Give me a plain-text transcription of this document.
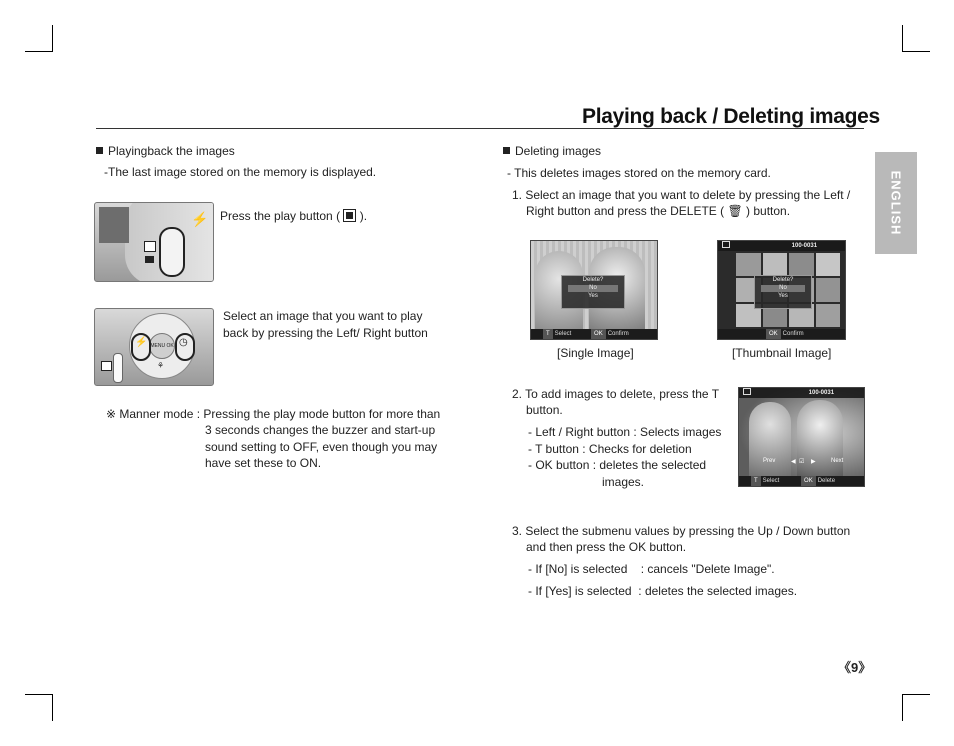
Playing back / Deleting images
ENGLISH
Playingback the images
-The last image stored on the memory is displayed.
⚡ Press the play button ( ).
MENU OK
⚡	◷
⚘
Select an image that you want to play
back by pressing the Left/ Right button
※ Manner mode : Pressing the play mode button for more than
3 seconds changes the buzzer and start-up
sound setting to OFF, even though you may
have set these to ON.
Deleting images
- This deletes images stored on the memory card.
1. Select an image that you want to delete by pressing the Left /
Right button and press the DELETE ( 🗑︎ ) button.
Delete?
No
Yes
T Select	OK Confirm
100-0031
Delete?
No
Yes
OK Confirm
[Single Image]	[Thumbnail Image]
2. To add images to delete, press the T
button.
- Left / Right button : Selects images
- T button : Checks for deletion
- OK button : deletes the selected
images.
100-0031
Prev	◀ ☑ ▶	Next
T Select	OK Delete
3. Select the submenu values by pressing the Up / Down button
and then press the OK button.
- If [No] is selected    : cancels "Delete Image".
- If [Yes] is selected  : deletes the selected images.
《9》
